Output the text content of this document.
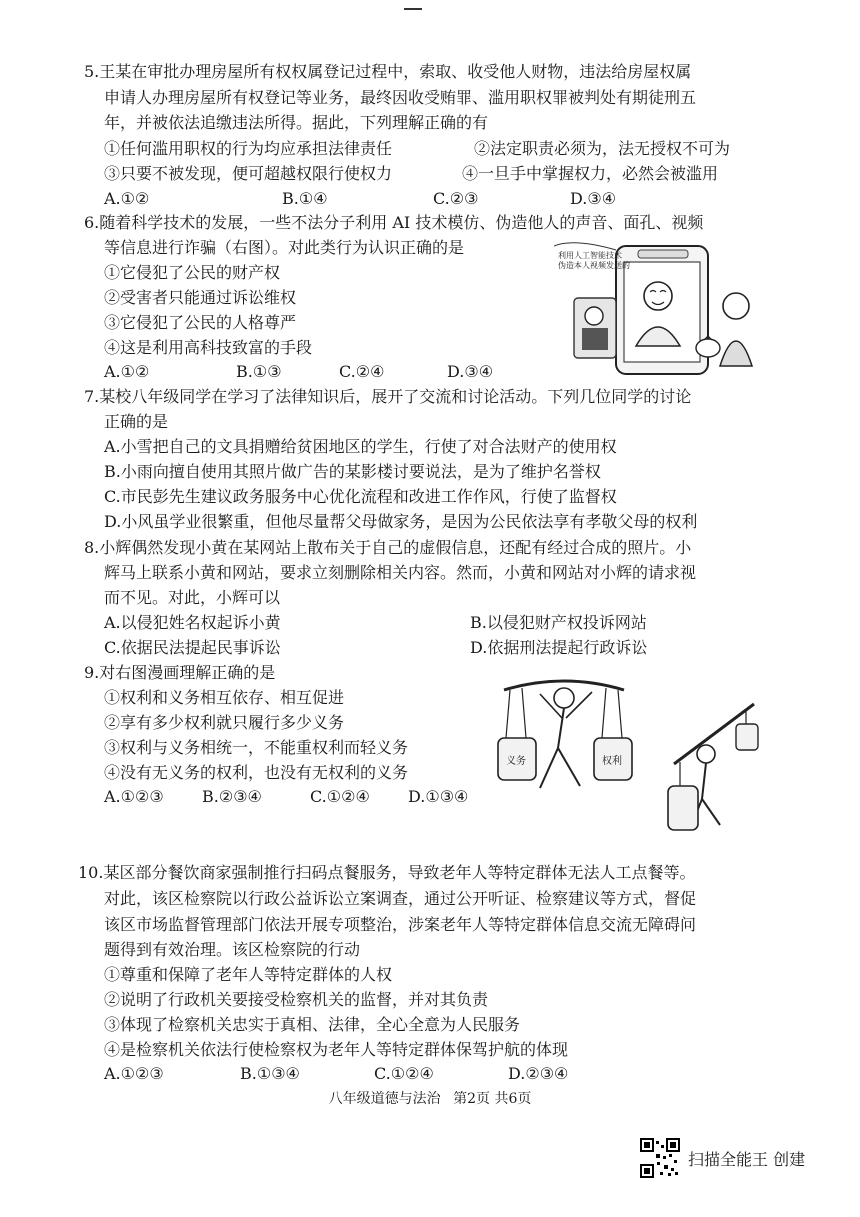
5.王某在审批办理房屋所有权权属登记过程中，索取、收受他人财物，违法给房屋权属
申请人办理房屋所有权登记等业务，最终因收受贿罪、滥用职权罪被判处有期徒刑五
年，并被依法追缴违法所得。据此，下列理解正确的有
①任何滥用职权的行为均应承担法律责任	②法定职责必须为，法无授权不可为
③只要不被发现，便可超越权限行使权力	④一旦手中掌握权力，必然会被滥用
A.①②	B.①④	C.②③	D.③④
6.随着科学技术的发展，一些不法分子利用 AI 技术模仿、伪造他人的声音、面孔、视频
等信息进行诈骗（右图）。对此类行为认识正确的是
①它侵犯了公民的财产权
②受害者只能通过诉讼维权
③它侵犯了公民的人格尊严
④这是利用高科技致富的手段
A.①②	B.①③	C.②④	D.③④
利用人工智能技术
伪造本人视频发送的
7.某校八年级同学在学习了法律知识后，展开了交流和讨论活动。下列几位同学的讨论
正确的是
A.小雪把自己的文具捐赠给贫困地区的学生，行使了对合法财产的使用权
B.小雨向擅自使用其照片做广告的某影楼讨要说法，是为了维护名誉权
C.市民彭先生建议政务服务中心优化流程和改进工作作风，行使了监督权
D.小风虽学业很繁重，但他尽量帮父母做家务，是因为公民依法享有孝敬父母的权利
8.小辉偶然发现小黄在某网站上散布关于自己的虚假信息，还配有经过合成的照片。小
辉马上联系小黄和网站，要求立刻删除相关内容。然而，小黄和网站对小辉的请求视
而不见。对此，小辉可以
A.以侵犯姓名权起诉小黄	B.以侵犯财产权投诉网站
C.依据民法提起民事诉讼	D.依据刑法提起行政诉讼
9.对右图漫画理解正确的是
①权利和义务相互依存、相互促进
②享有多少权利就只履行多少义务
③权利与义务相统一，不能重权利而轻义务
④没有无义务的权利，也没有无权利的义务
A.①②③ B.②③④	C.①②④ D.①③④
义务	权利
10.某区部分餐饮商家强制推行扫码点餐服务，导致老年人等特定群体无法人工点餐等。
对此，该区检察院以行政公益诉讼立案调查，通过公开听证、检察建议等方式，督促
该区市场监督管理部门依法开展专项整治，涉案老年人等特定群体信息交流无障碍问
题得到有效治理。该区检察院的行动
①尊重和保障了老年人等特定群体的人权
②说明了行政机关要接受检察机关的监督，并对其负责
③体现了检察机关忠实于真相、法律，全心全意为人民服务
④是检察机关依法行使检察权为老年人等特定群体保驾护航的体现
A.①②③	B.①③④	C.①②④	D.②③④
八年级道德与法治 第2页 共6页
扫描全能王 创建
